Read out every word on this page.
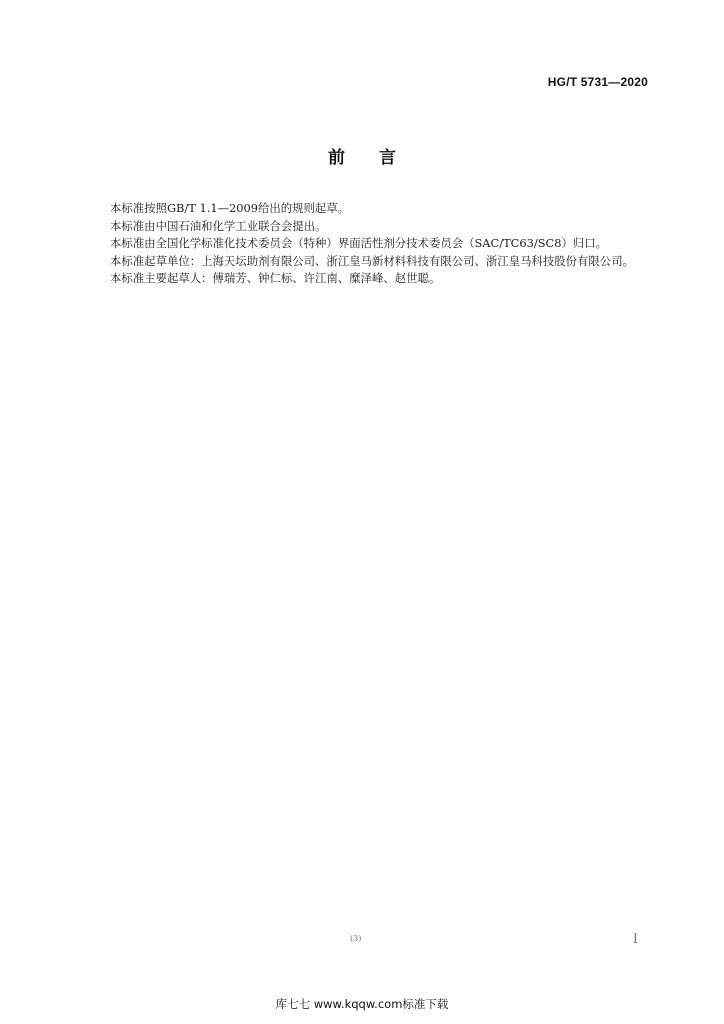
HG/T 5731—2020
前言

本标准按照GB/T 1.1—2009给出的规则起草。

本标准由中国石油和化学工业联合会提出。

本标准由全国化学标准化技术委员会（特种）界面活性剂分技术委员会（SAC/TC63/SC8）归口。

本标准起草单位：上海天坛助剂有限公司、浙江皇马新材料科技有限公司、浙江皇马科技股份有限公司。

本标准主要起草人：傅瑞芳、钟仁标、许江南、糜泽峰、赵世聪。

(3)	I
库七七 www.kqqw.com标准下载
